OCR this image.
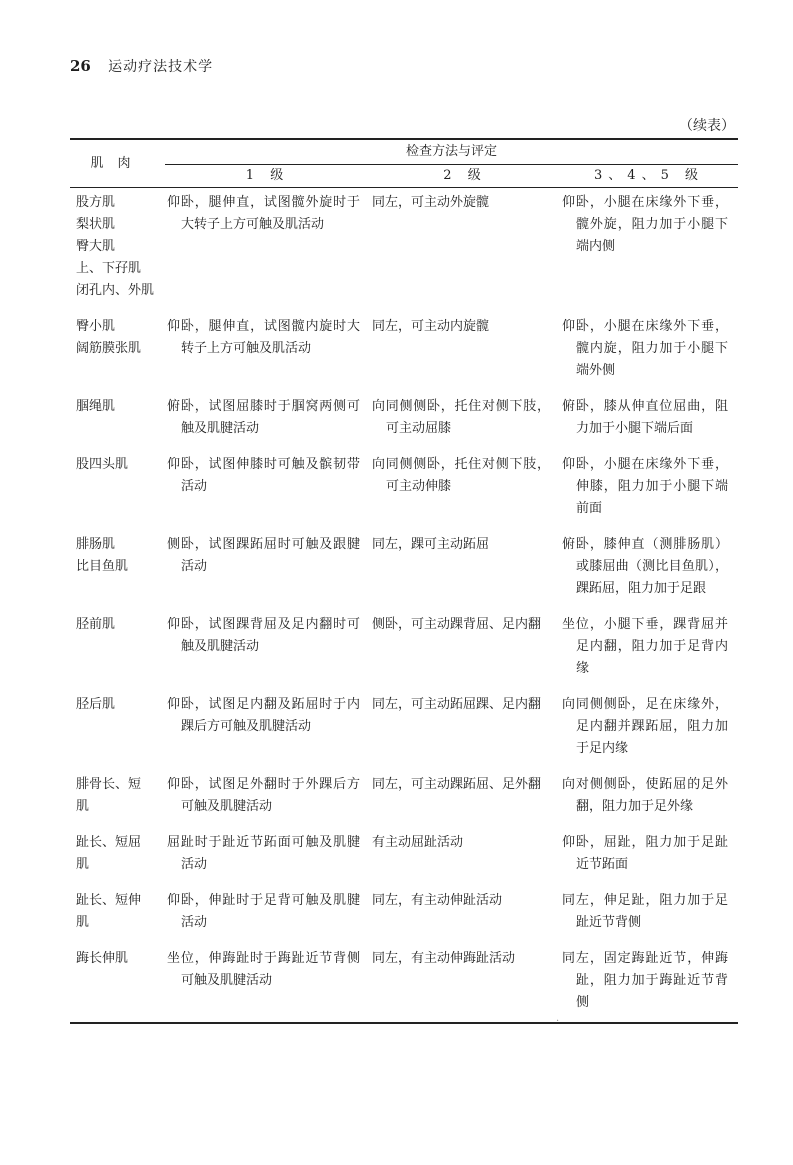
26 运动疗法技术学
（续表）
肌肉	检查方法与评定		
	1 级	2 级	3、4、5 级

股方肌
梨状肌
臀大肌
上、下孖肌
闭孔内、外肌	仰卧，腿伸直，试图髋外旋时于大转子上方可触及肌活动	同左，可主动外旋髋	仰卧，小腿在床缘外下垂，髋外旋，阻力加于小腿下端内侧

臀小肌
阔筋膜张肌	仰卧，腿伸直，试图髋内旋时大转子上方可触及肌活动	同左，可主动内旋髋	仰卧，小腿在床缘外下垂，髋内旋，阻力加于小腿下端外侧

腘绳肌	俯卧，试图屈膝时于腘窝两侧可触及肌腱活动	向同侧侧卧，托住对侧下肢，可主动屈膝	俯卧，膝从伸直位屈曲，阻力加于小腿下端后面

股四头肌	仰卧，试图伸膝时可触及髌韧带活动	向同侧侧卧，托住对侧下肢，可主动伸膝	仰卧，小腿在床缘外下垂，伸膝，阻力加于小腿下端前面

腓肠肌
比目鱼肌	侧卧，试图踝跖屈时可触及跟腱活动	同左，踝可主动跖屈	俯卧，膝伸直（测腓肠肌）或膝屈曲（测比目鱼肌），踝跖屈，阻力加于足跟

胫前肌	仰卧，试图踝背屈及足内翻时可触及肌腱活动	侧卧，可主动踝背屈、足内翻	坐位，小腿下垂，踝背屈并足内翻，阻力加于足背内缘

胫后肌	仰卧，试图足内翻及跖屈时于内踝后方可触及肌腱活动	同左，可主动跖屈踝、足内翻	向同侧侧卧，足在床缘外，足内翻并踝跖屈，阻力加于足内缘

腓骨长、短
肌	仰卧，试图足外翻时于外踝后方可触及肌腱活动	同左，可主动踝跖屈、足外翻	向对侧侧卧，使跖屈的足外翻，阻力加于足外缘

趾长、短屈
肌	屈趾时于趾近节跖面可触及肌腱活动	有主动屈趾活动	仰卧，屈趾，阻力加于足趾近节跖面

趾长、短伸
肌	仰卧，伸趾时于足背可触及肌腱活动	同左，有主动伸趾活动	同左，伸足趾，阻力加于足趾近节背侧

踇长伸肌	坐位，伸踇趾时于踇趾近节背侧可触及肌腱活动	同左，有主动伸踇趾活动	同左，固定踇趾近节，伸踇趾，阻力加于踇趾近节背侧
·
